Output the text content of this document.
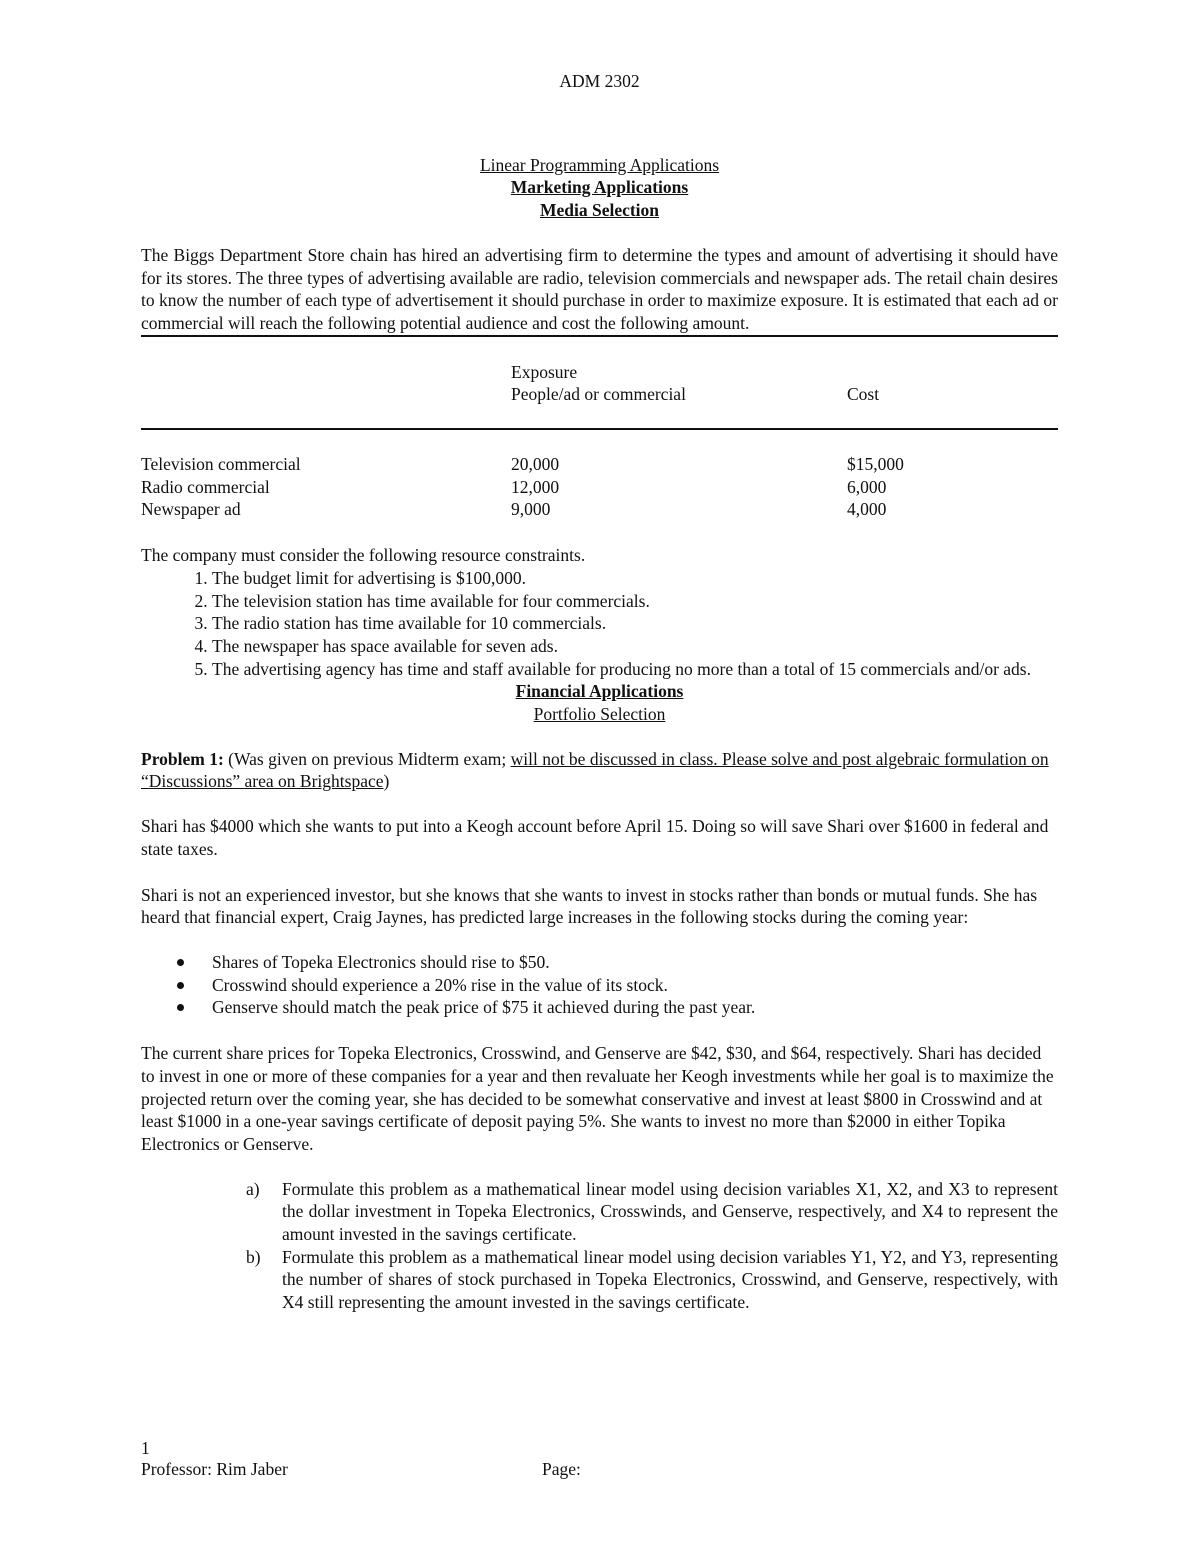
ADM 2302

Linear Programming Applications

Marketing Applications

Media Selection

The Biggs Department Store chain has hired an advertising firm to determine the types and amount of advertising it should have for its stores. The three types of advertising available are radio, television commercials and newspaper ads. The retail chain desires to know the number of each type of advertisement it should purchase in order to maximize exposure. It is estimated that each ad or commercial will reach the following potential audience and cost the following amount.

Exposure
People/ad or commercial	Cost
Television commercial	20,000	$15,000
Radio commercial	12,000	6,000
Newspaper ad	9,000	4,000

The company must consider the following resource constraints.

1. The budget limit for advertising is $100,000.
2. The television station has time available for four commercials.
3. The radio station has time available for 10 commercials.
4. The newspaper has space available for seven ads.
5. The advertising agency has time and staff available for producing no more than a total of 15 commercials and/or ads.

Financial Applications

Portfolio Selection

Problem 1: (Was given on previous Midterm exam; will not be discussed in class. Please solve and post algebraic formulation on “Discussions” area on Brightspace)

Shari has $4000 which she wants to put into a Keogh account before April 15. Doing so will save Shari over $1600 in federal and state taxes.

Shari is not an experienced investor, but she knows that she wants to invest in stocks rather than bonds or mutual funds. She has heard that financial expert, Craig Jaynes, has predicted large increases in the following stocks during the coming year:

Shares of Topeka Electronics should rise to $50.
Crosswind should experience a 20% rise in the value of its stock.
Genserve should match the peak price of $75 it achieved during the past year.

The current share prices for Topeka Electronics, Crosswind, and Genserve are $42, $30, and $64, respectively. Shari has decided to invest in one or more of these companies for a year and then revaluate her Keogh investments while her goal is to maximize the projected return over the coming year, she has decided to be somewhat conservative and invest at least $800 in Crosswind and at least $1000 in a one-year savings certificate of deposit paying 5%. She wants to invest no more than $2000 in either Topika Electronics or Genserve.

a) Formulate this problem as a mathematical linear model using decision variables X1, X2, and X3 to represent the dollar investment in Topeka Electronics, Crosswinds, and Genserve, respectively, and X4 to represent the amount invested in the savings certificate.
b) Formulate this problem as a mathematical linear model using decision variables Y1, Y2, and Y3, representing the number of shares of stock purchased in Topeka Electronics, Crosswind, and Genserve, respectively, with X4 still representing the amount invested in the savings certificate.

1

Professor: Rim Jaber	Page:
